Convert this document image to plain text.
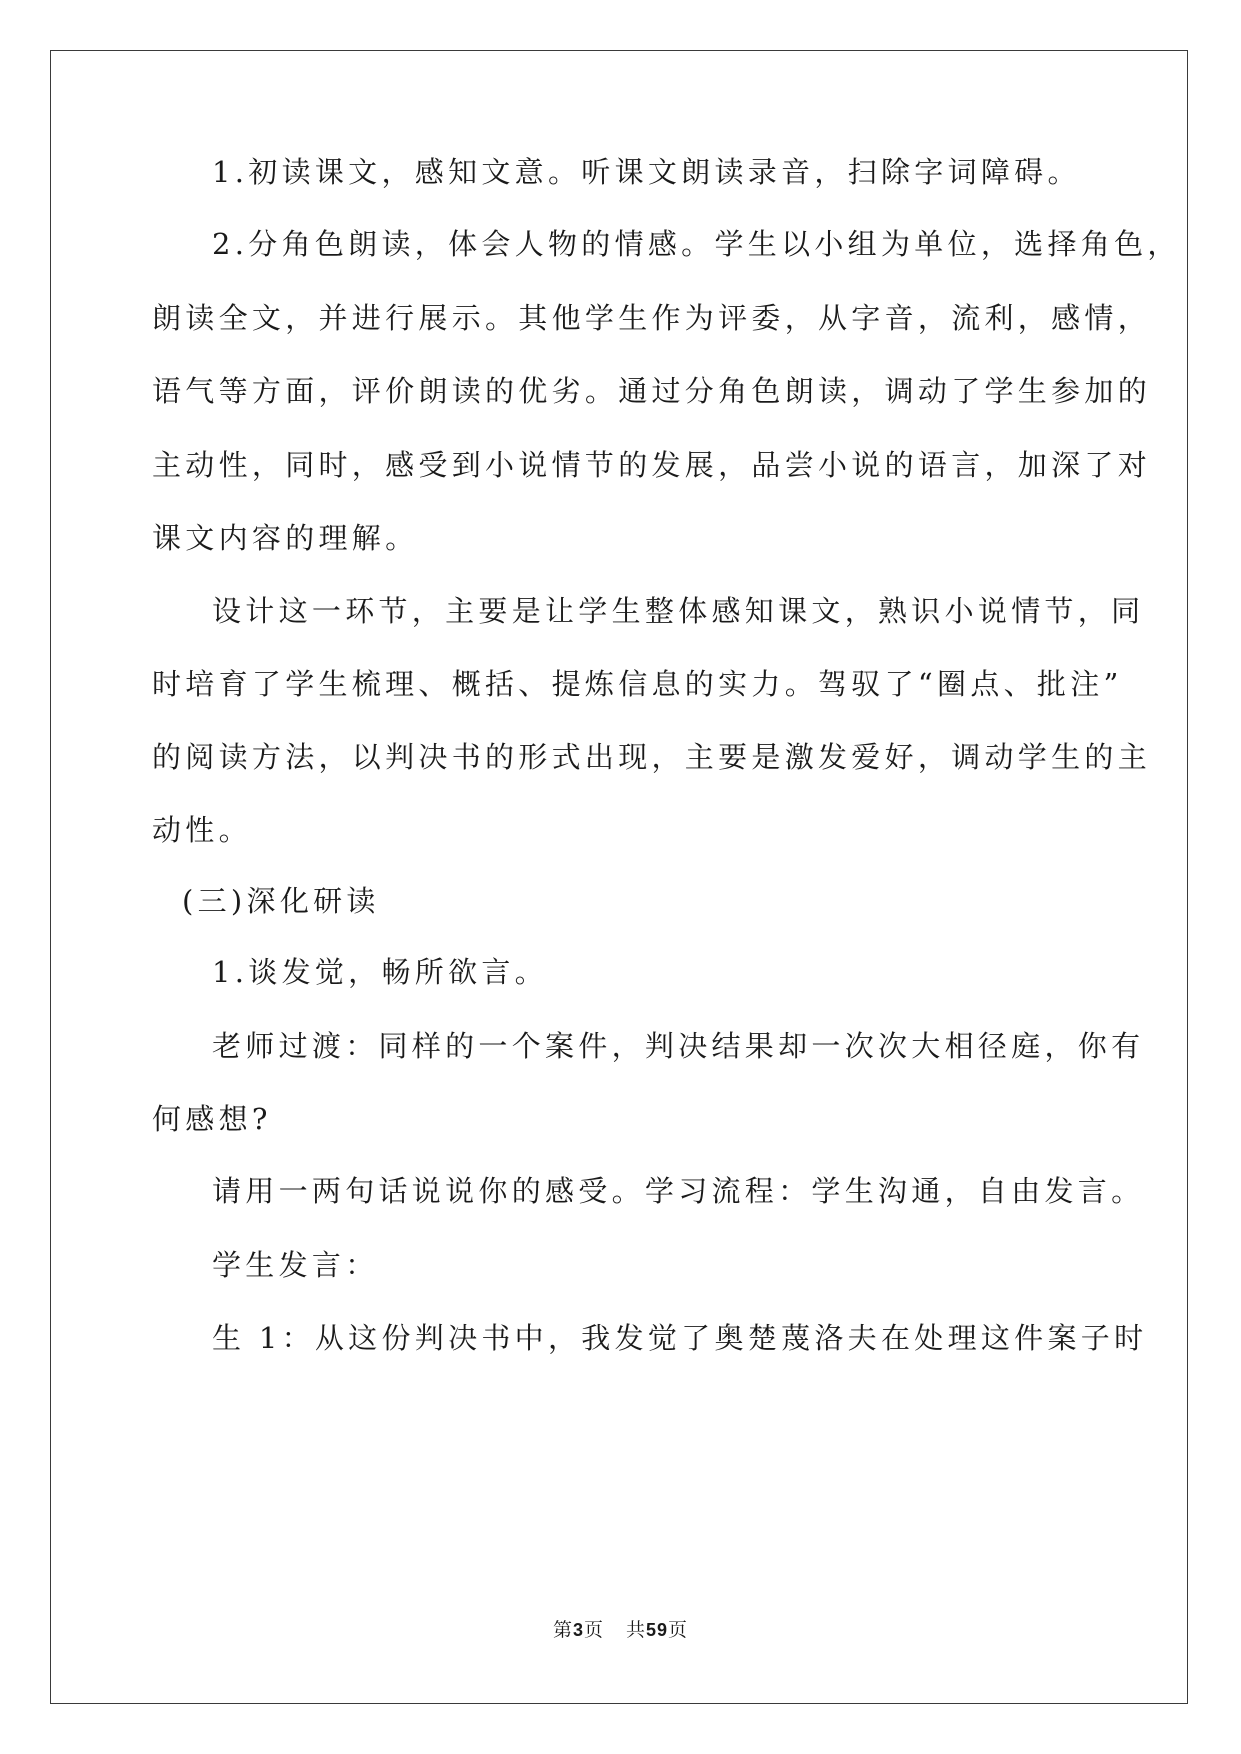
1.初读课文，感知文意。听课文朗读录音，扫除字词障碍。
2.分角色朗读，体会人物的情感。学生以小组为单位，选择角色，
朗读全文，并进行展示。其他学生作为评委，从字音，流利，感情，
语气等方面，评价朗读的优劣。通过分角色朗读，调动了学生参加的
主动性，同时，感受到小说情节的发展，品尝小说的语言，加深了对
课文内容的理解。
设计这一环节，主要是让学生整体感知课文，熟识小说情节，同
时培育了学生梳理、概括、提炼信息的实力。驾驭了“圈点、批注”
的阅读方法，以判决书的形式出现，主要是激发爱好，调动学生的主
动性。
(三)深化研读
1.谈发觉，畅所欲言。
老师过渡：同样的一个案件，判决结果却一次次大相径庭，你有
何感想?
请用一两句话说说你的感受。学习流程：学生沟通，自由发言。
学生发言：
生 1：从这份判决书中，我发觉了奥楚蔑洛夫在处理这件案子时
第3页 共59页
